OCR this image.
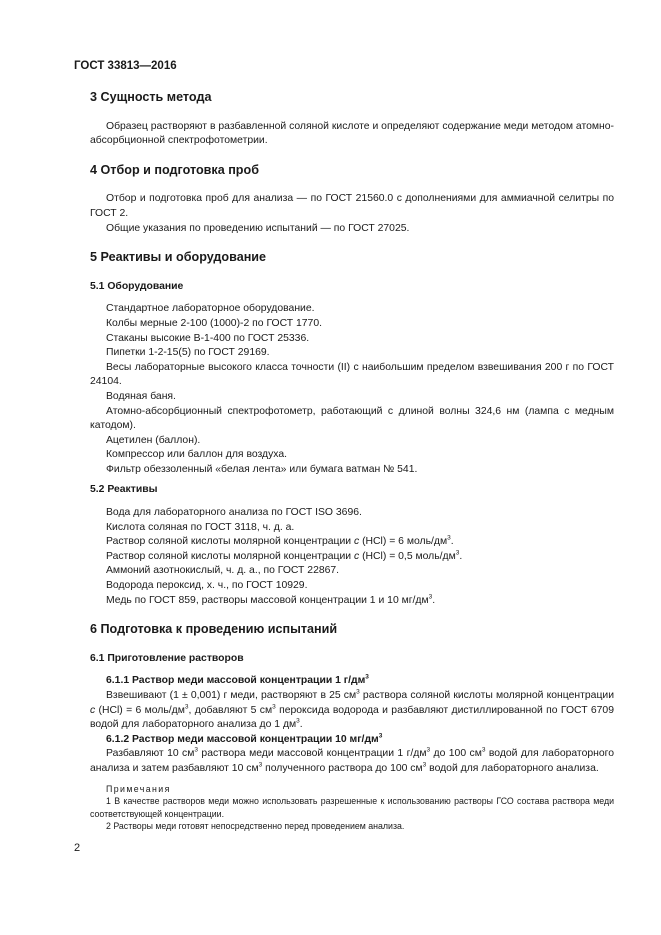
ГОСТ 33813—2016
3 Сущность метода

Образец растворяют в разбавленной соляной кислоте и определяют содержание меди методом атомно-абсорбционной спектрофотометрии.

4 Отбор и подготовка проб

Отбор и подготовка проб для анализа — по ГОСТ 21560.0 с дополнениями для аммиачной селитры по ГОСТ 2.

Общие указания по проведению испытаний — по ГОСТ 27025.

5 Реактивы и оборудование
5.1 Оборудование

Стандартное лабораторное оборудование.

Колбы мерные 2-100 (1000)-2 по ГОСТ 1770.

Стаканы высокие В-1-400 по ГОСТ 25336.

Пипетки 1-2-15(5) по ГОСТ 29169.

Весы лабораторные высокого класса точности (II) с наибольшим пределом взвешивания 200 г по ГОСТ 24104.

Водяная баня.

Атомно-абсорбционный спектрофотометр, работающий с длиной волны 324,6 нм (лампа с медным катодом).

Ацетилен (баллон).

Компрессор или баллон для воздуха.

Фильтр обеззоленный «белая лента» или бумага ватман № 541.

5.2 Реактивы

Вода для лабораторного анализа по ГОСТ ISO 3696.

Кислота соляная по ГОСТ 3118, ч. д. а.

Раствор соляной кислоты молярной концентрации c (HCl) = 6 моль/$дм^3$.

Раствор соляной кислоты молярной концентрации c (HCl) = 0,5 моль/$дм^3$.

Аммоний азотнокислый, ч. д. а., по ГОСТ 22867.

Водорода пероксид, х. ч., по ГОСТ 10929.

Медь по ГОСТ 859, растворы массовой концентрации 1 и 10 $мг/дм^3$.

6 Подготовка к проведению испытаний
6.1 Приготовление растворов
6.1.1 Раствор меди массовой концентрации 1 $г/дм^3$

Взвешивают (1 ± 0,001) г меди, растворяют в 25 $см^3$ раствора соляной кислоты молярной концентрации c (HCl) = 6 моль/$дм^3$, добавляют 5 $см^3$ пероксида водорода и разбавляют дистиллированной по ГОСТ 6709 водой для лабораторного анализа до 1 $дм^3$.

6.1.2 Раствор меди массовой концентрации 10 $мг/дм^3$

Разбавляют 10 $см^3$ раствора меди массовой концентрации 1 $г/дм^3$ до 100 $см^3$ водой для лабораторного анализа и затем разбавляют 10 $см^3$ полученного раствора до 100 $см^3$ водой для лабораторного анализа.

Примечания

1 В качестве растворов меди можно использовать разрешенные к использованию растворы ГСО состава раствора меди соответствующей концентрации.

2 Растворы меди готовят непосредственно перед проведением анализа.

2
